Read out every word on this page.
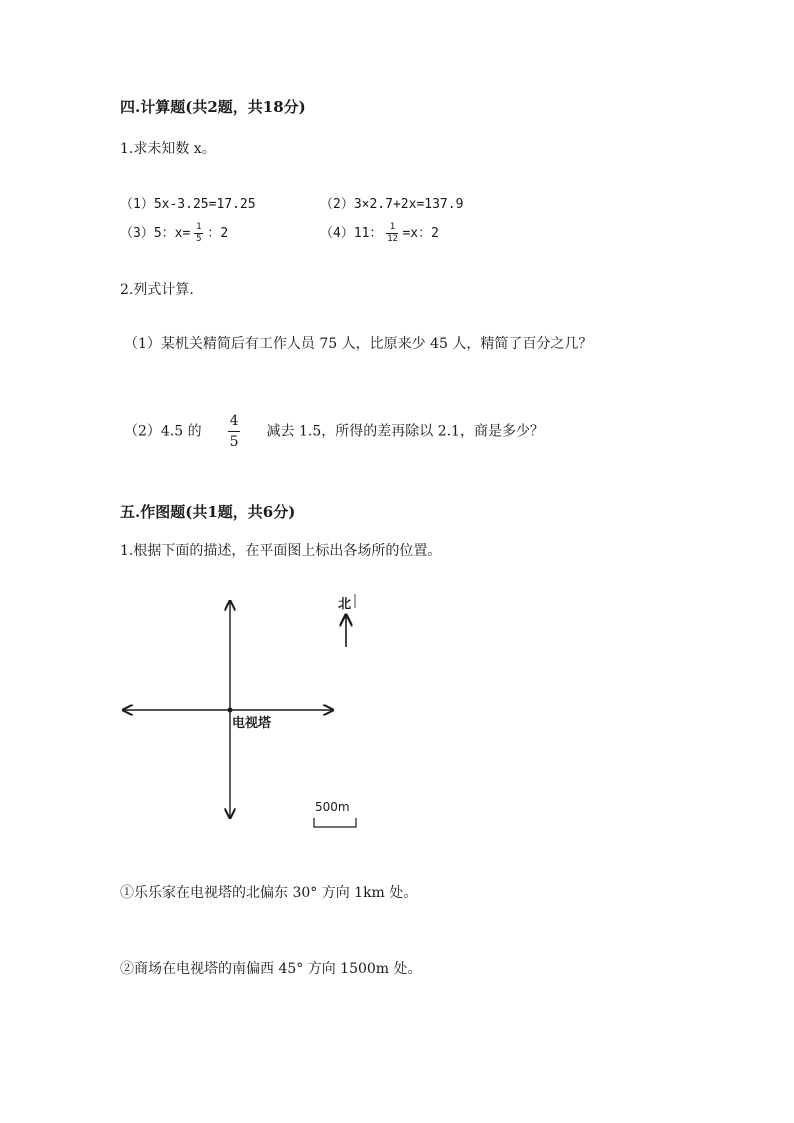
四.计算题(共2题，共18分)
1.求未知数 x。
（1）5x-3.25=17.25	（2）3×2.7+2x=137.9
（3）5：$x= \frac{1}{5}$ ：2	（4）11： $\frac{1}{12} =x$：2
2.列式计算.
（1）某机关精简后有工作人员 75 人，比原来少 45 人，精简了百分之几？
（2）4.5 的 $\frac{4}{5}$ 减去 1.5，所得的差再除以 2.1，商是多少？
五.作图题(共1题，共6分)
1.根据下面的描述，在平面图上标出各场所的位置。
电视塔
北
500m
①乐乐家在电视塔的北偏东 30° 方向 1km 处。
②商场在电视塔的南偏西 45° 方向 1500m 处。
